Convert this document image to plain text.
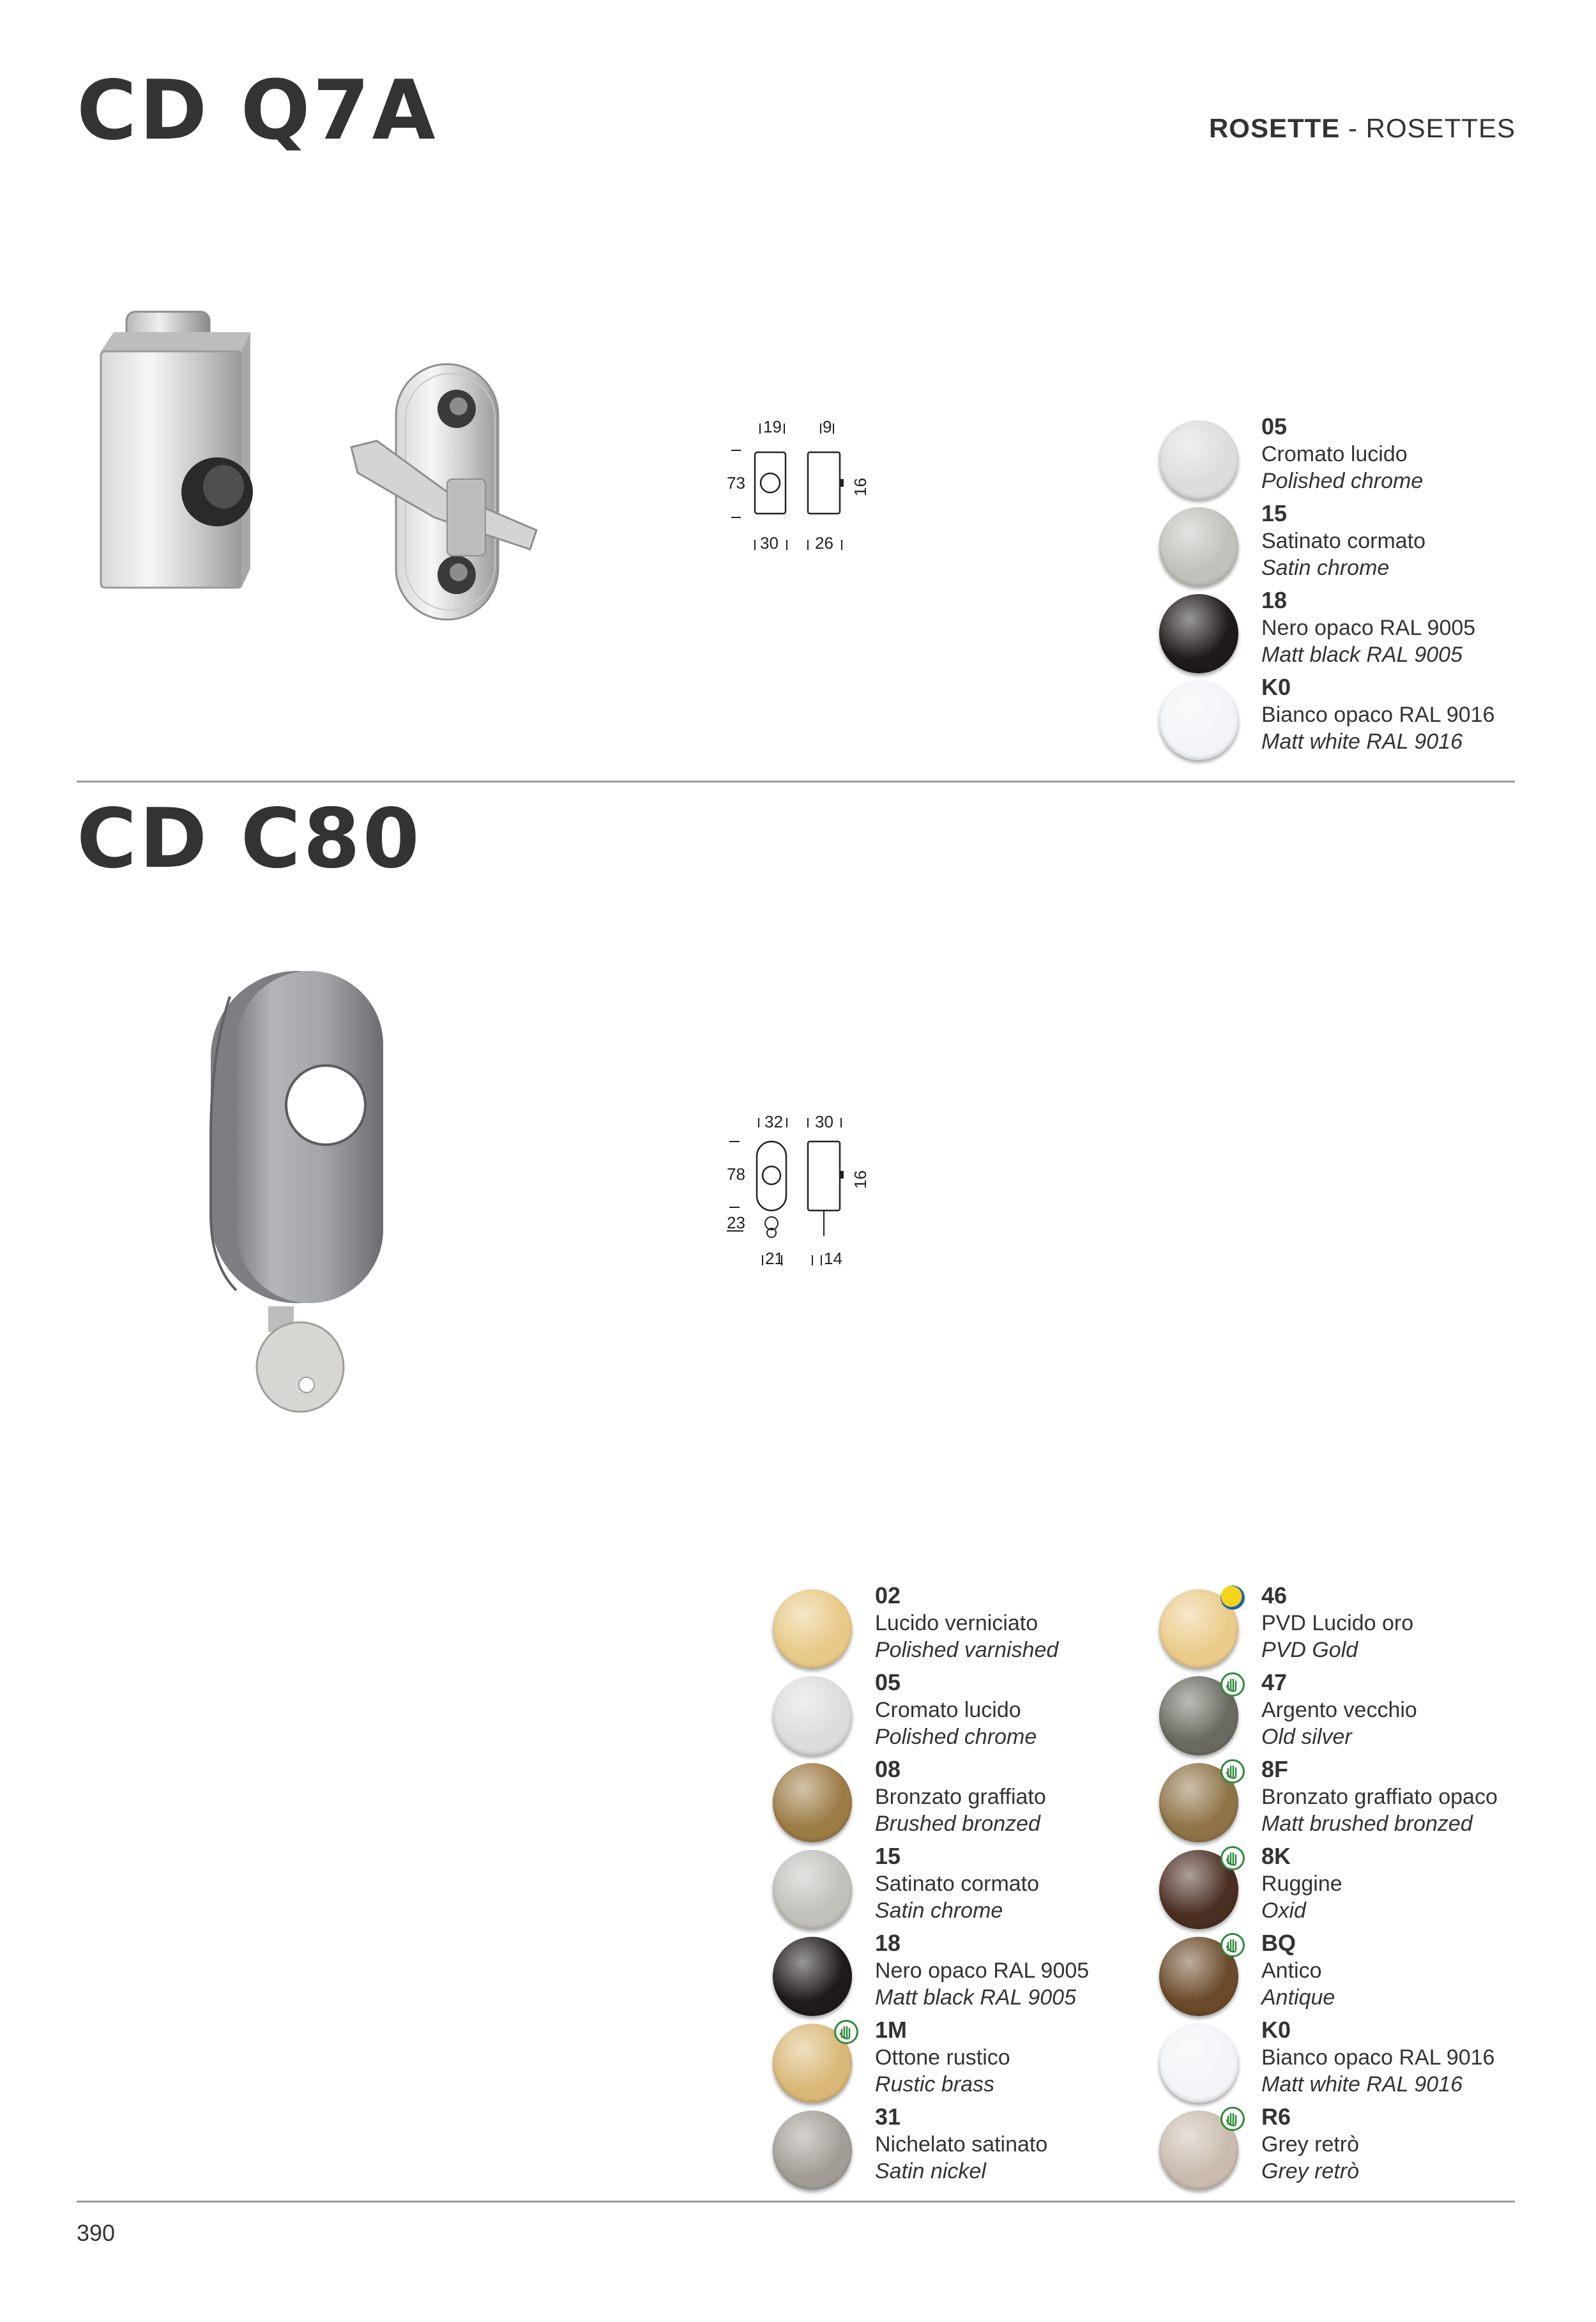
CD Q7A	ROSETTE - ROSETTES
19 9
73	16
30 26
05
Cromato lucido
Polished chrome
15
Satinato cormato
Satin chrome
18
Nero opaco RAL 9005
Matt black RAL 9005
K0
Bianco opaco RAL 9016
Matt white RAL 9016
CD C80
32 30
78	16
23
21 14
02
Lucido verniciato
Polished varnished
05
Cromato lucido
Polished chrome
08
Bronzato graffiato
Brushed bronzed
15
Satinato cormato
Satin chrome
18
Nero opaco RAL 9005
Matt black RAL 9005
1M
Ottone rustico
Rustic brass
31
Nichelato satinato
Satin nickel
46
PVD Lucido oro
PVD Gold
47
Argento vecchio
Old silver
8F
Bronzato graffiato opaco
Matt brushed bronzed
8K
Ruggine
Oxid
BQ
Antico
Antique
K0
Bianco opaco RAL 9016
Matt white RAL 9016
R6
Grey retrò
Grey retrò
390
